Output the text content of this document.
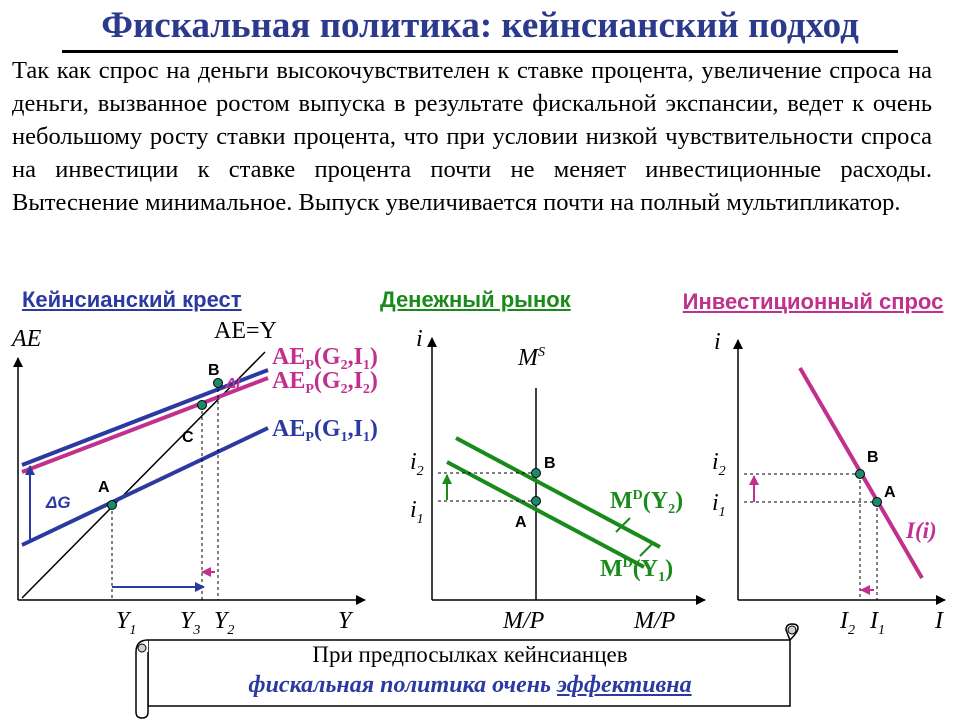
Фискальная политика: кейнсианский подход
Так как спрос на деньги высокочувствителен к ставке процента, увеличение спроса на деньги, вызванное ростом выпуска в результате фискальной экспансии, ведет к очень небольшому росту ставки процента, что при условии низкой чувствительности спроса на инвестиции к ставке процента почти не меняет инвестиционные расходы. Вытеснение минимальное. Выпуск увеличивается почти на полный мультипликатор.
Кейнсианский крест	Денежный рынок	Инвестиционный спрос
AE
Y
AE=Y
$AE_P(G_2,I_1)$
$AE_P(G_2,I_2)$
$AE_P(G_1,I_1)$
A
B
C
ΔG
ΔI
$Y_1$ $Y_3$ $Y_2$
i
M/P	M/P
$M^S$
$M^D(Y_2)$
$M^D(Y_1)$
$i_2$
$i_1$
B
A
i
I
I(i)
$i_2$
$i_1$
B
A
$I_2$ $I_1$
При предпосылках кейнсианцев
фискальная политика очень эффективна
